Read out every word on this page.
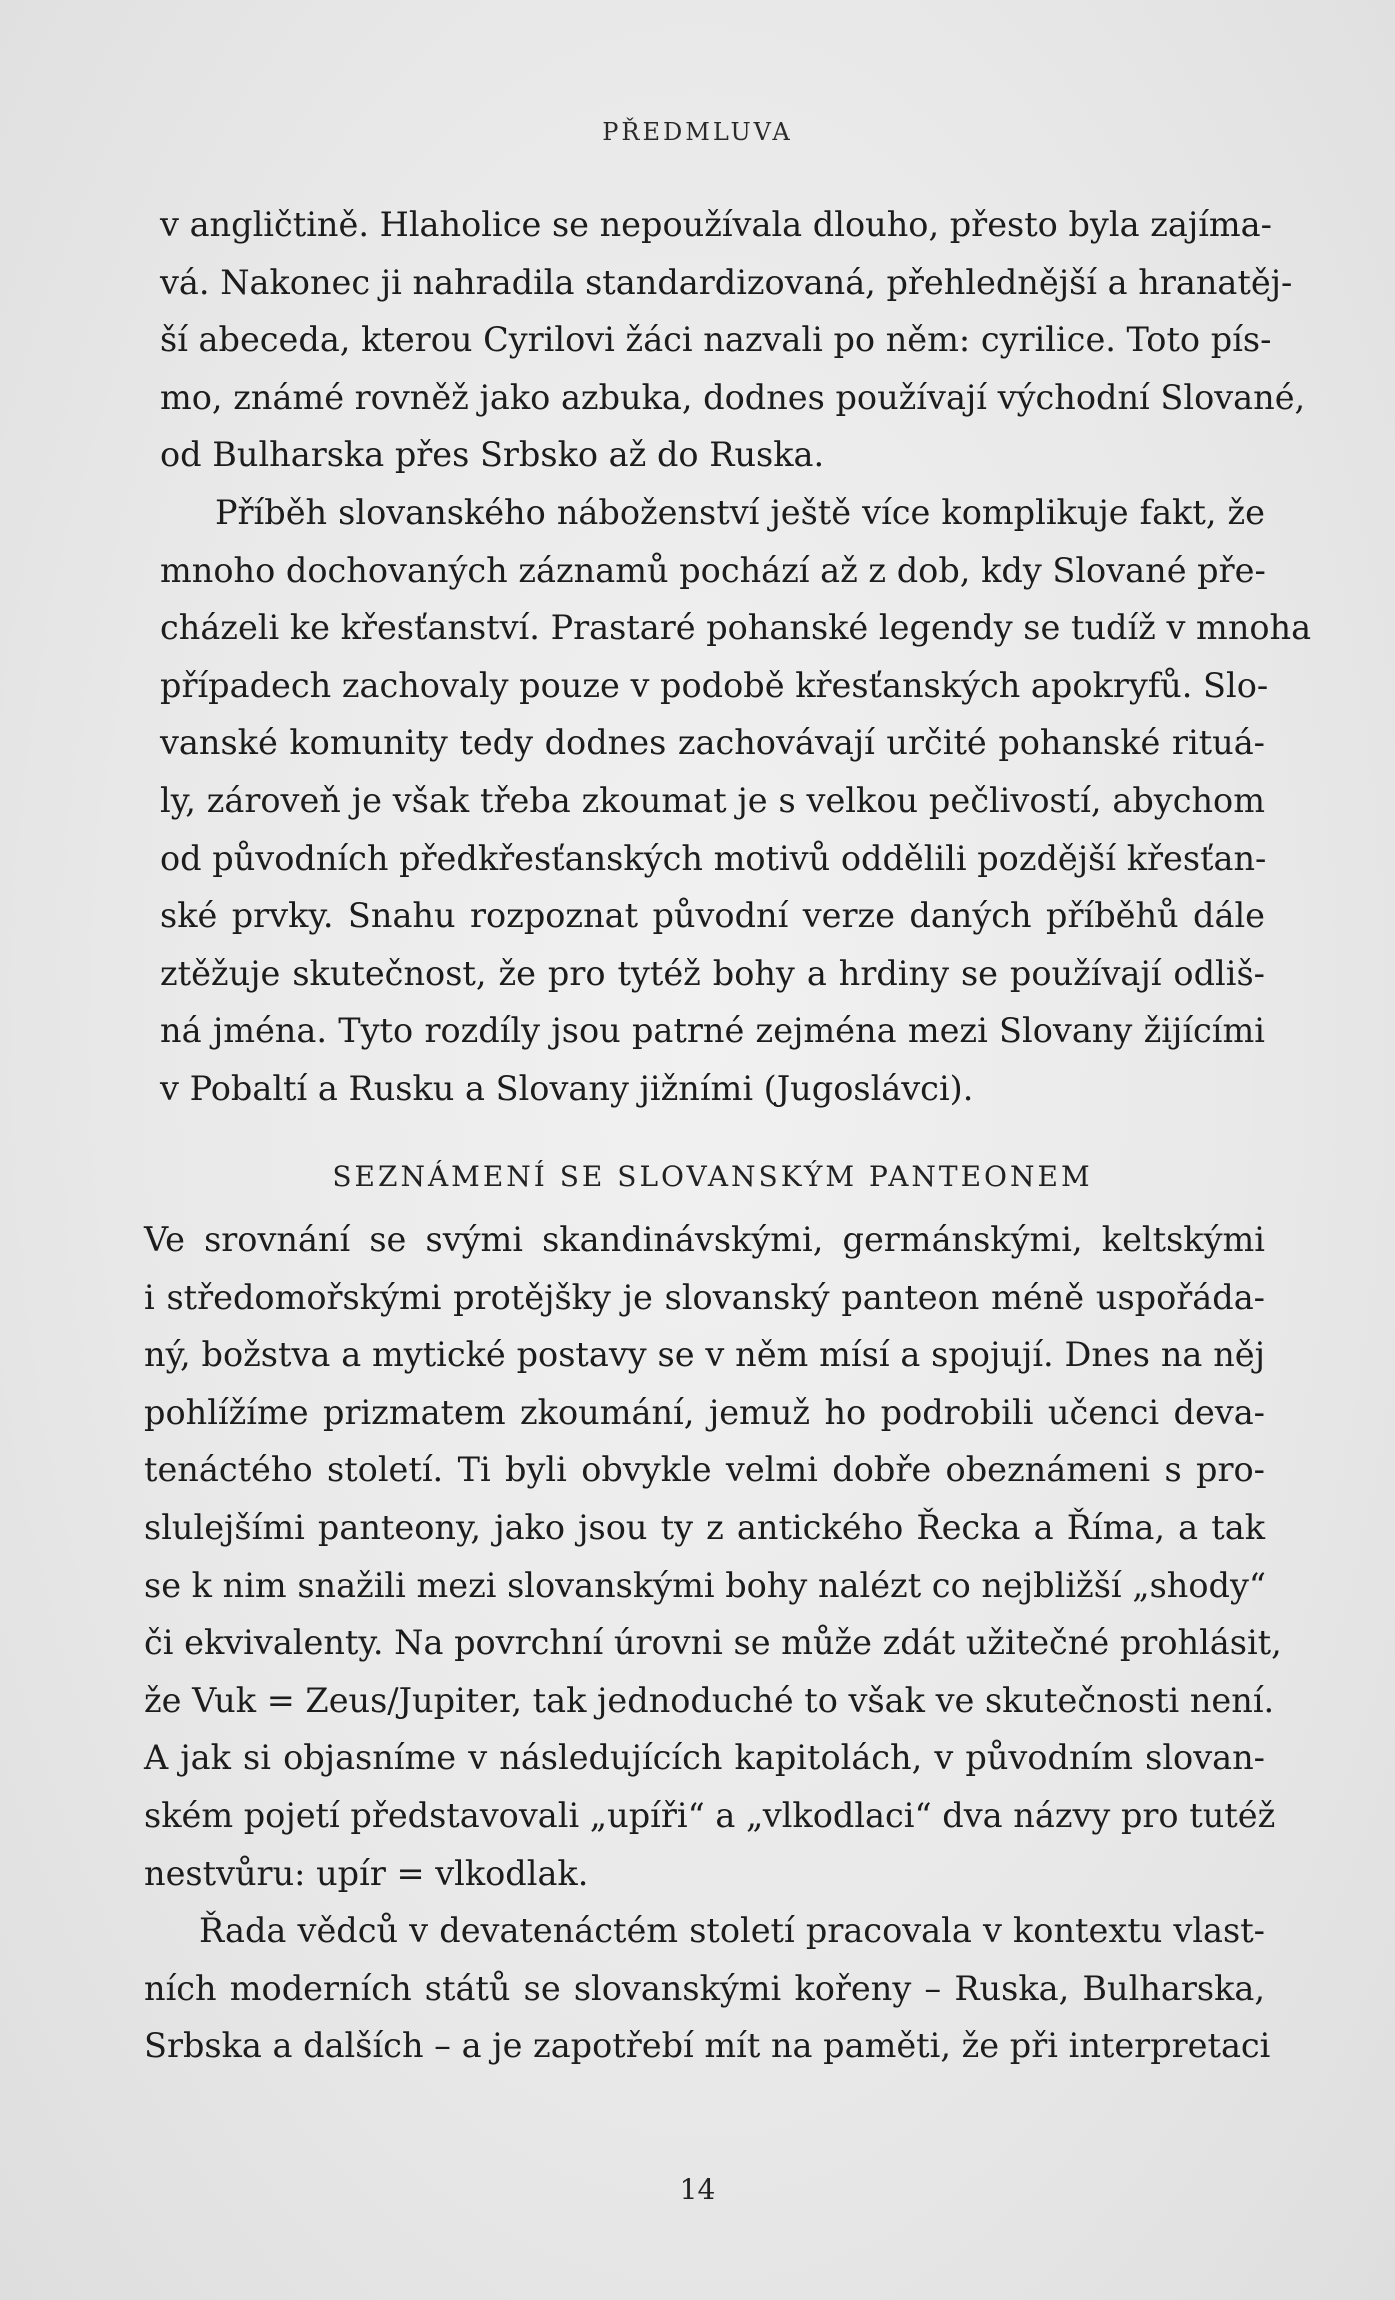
PŘEDMLUVA
v angličtině. Hlaholice se nepoužívala dlouho, přesto byla zajíma-
vá. Nakonec ji nahradila standardizovaná, přehlednější a hranatěj-
ší abeceda, kterou Cyrilovi žáci nazvali po něm: cyrilice. Toto pís-
mo, známé rovněž jako azbuka, dodnes používají východní Slované,
od Bulharska přes Srbsko až do Ruska.
Příběh slovanského náboženství ještě více komplikuje fakt, že
mnoho dochovaných záznamů pochází až z dob, kdy Slované pře-
cházeli ke křesťanství. Prastaré pohanské legendy se tudíž v mnoha
případech zachovaly pouze v podobě křesťanských apokryfů. Slo-
vanské komunity tedy dodnes zachovávají určité pohanské rituá-
ly, zároveň je však třeba zkoumat je s velkou pečlivostí, abychom
od původních předkřesťanských motivů oddělili pozdější křesťan-
ské prvky. Snahu rozpoznat původní verze daných příběhů dále
ztěžuje skutečnost, že pro tytéž bohy a hrdiny se používají odliš-
ná jména. Tyto rozdíly jsou patrné zejména mezi Slovany žijícími
v Pobaltí a Rusku a Slovany jižními (Jugoslávci).
SEZNÁMENÍ SE SLOVANSKÝM PANTEONEM
Ve srovnání se svými skandinávskými, germánskými, keltskými
i středomořskými protějšky je slovanský panteon méně uspořáda-
ný, božstva a mytické postavy se v něm mísí a spojují. Dnes na něj
pohlížíme prizmatem zkoumání, jemuž ho podrobili učenci deva-
tenáctého století. Ti byli obvykle velmi dobře obeznámeni s pro-
slulejšími panteony, jako jsou ty z antického Řecka a Říma, a tak
se k nim snažili mezi slovanskými bohy nalézt co nejbližší „shody“
či ekvivalenty. Na povrchní úrovni se může zdát užitečné prohlásit,
že Vuk = Zeus/Jupiter, tak jednoduché to však ve skutečnosti není.
A jak si objasníme v následujících kapitolách, v původním slovan-
ském pojetí představovali „upíři“ a „vlkodlaci“ dva názvy pro tutéž
nestvůru: upír = vlkodlak.
Řada vědců v devatenáctém století pracovala v kontextu vlast-
ních moderních států se slovanskými kořeny – Ruska, Bulharska,
Srbska a dalších – a je zapotřebí mít na paměti, že při interpretaci
14
